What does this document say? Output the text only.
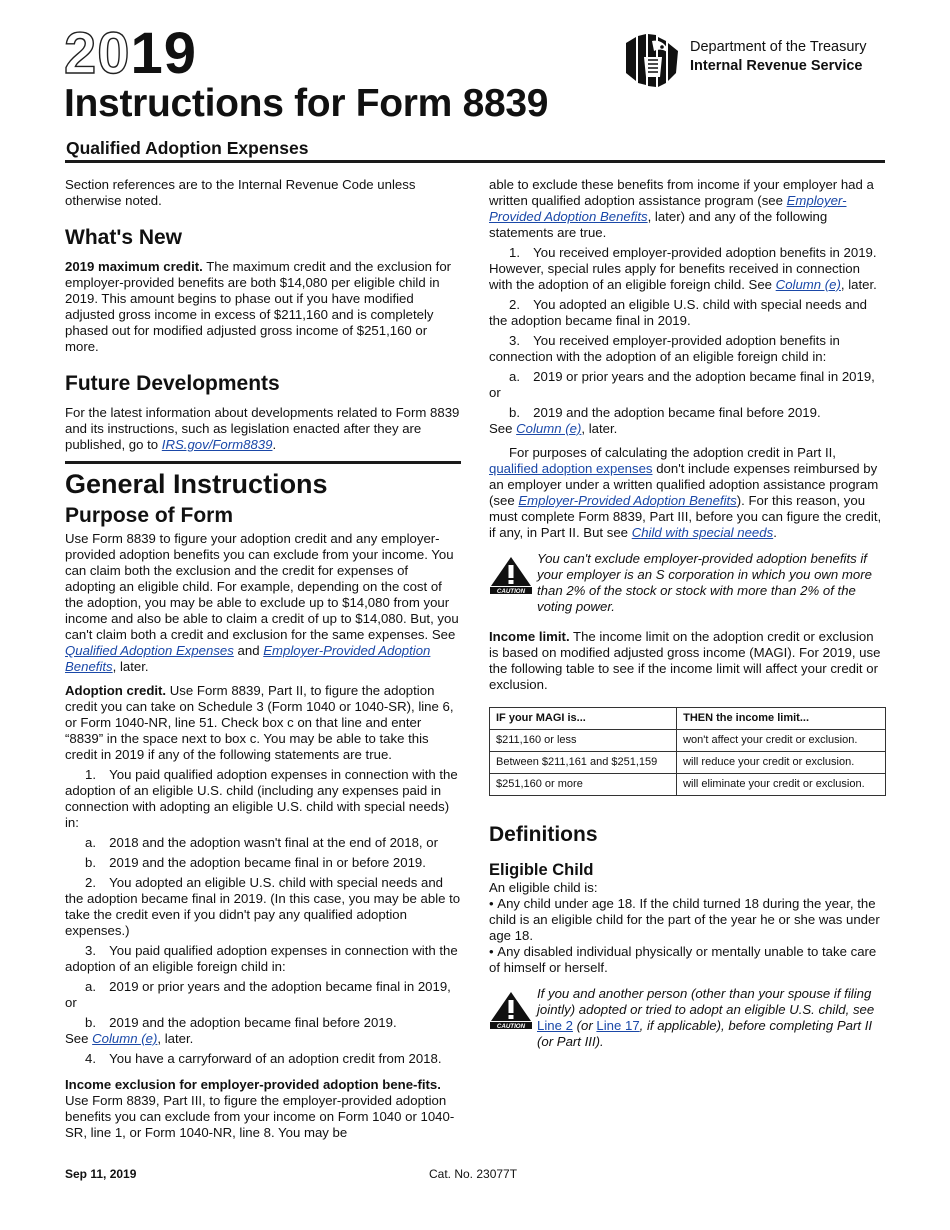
2019
Instructions for Form 8839
Qualified Adoption Expenses
Department of the Treasury
Internal Revenue Service

Section references are to the Internal Revenue Code unless otherwise noted.

What's New

2019 maximum credit. The maximum credit and the exclusion for employer-provided benefits are both $14,080 per eligible child in 2019. This amount begins to phase out if you have modified adjusted gross income in excess of $211,160 and is completely phased out for modified adjusted gross income of $251,160 or more.

Future Developments

For the latest information about developments related to Form 8839 and its instructions, such as legislation enacted after they are published, go to IRS.gov/Form8839.

General Instructions
Purpose of Form

Use Form 8839 to figure your adoption credit and any employer-provided adoption benefits you can exclude from your income. You can claim both the exclusion and the credit for expenses of adopting an eligible child. For example, depending on the cost of the adoption, you may be able to exclude up to $14,080 from your income and also be able to claim a credit of up to $14,080. But, you can't claim both a credit and exclusion for the same expenses. See Qualified Adoption Expenses and Employer-Provided Adoption Benefits, later.

Adoption credit. Use Form 8839, Part II, to figure the adoption credit you can take on Schedule 3 (Form 1040 or 1040-SR), line 6, or Form 1040-NR, line 51. Check box c on that line and enter “8839” in the space next to box c. You may be able to take this credit in 2019 if any of the following statements are true.

1. You paid qualified adoption expenses in connection with the adoption of an eligible U.S. child (including any expenses paid in connection with adopting an eligible U.S. child with special needs) in:

a. 2018 and the adoption wasn't final at the end of 2018, or

b. 2019 and the adoption became final in or before 2019.

2. You adopted an eligible U.S. child with special needs and the adoption became final in 2019. (In this case, you may be able to take the credit even if you didn't pay any qualified adoption expenses.)

3. You paid qualified adoption expenses in connection with the adoption of an eligible foreign child in:

a. 2019 or prior years and the adoption became final in 2019, or

b. 2019 and the adoption became final before 2019.

See Column (e), later.

4. You have a carryforward of an adoption credit from 2018.

Income exclusion for employer-provided adoption bene-fits. Use Form 8839, Part III, to figure the employer-provided adoption benefits you can exclude from your income on Form 1040 or 1040-SR, line 1, or Form 1040-NR, line 8. You may be

able to exclude these benefits from income if your employer had a written qualified adoption assistance program (see Employer-Provided Adoption Benefits, later) and any of the following statements are true.

1. You received employer-provided adoption benefits in 2019. However, special rules apply for benefits received in connection with the adoption of an eligible foreign child. See Column (e), later.

2. You adopted an eligible U.S. child with special needs and the adoption became final in 2019.

3. You received employer-provided adoption benefits in connection with the adoption of an eligible foreign child in:

a. 2019 or prior years and the adoption became final in 2019, or

b. 2019 and the adoption became final before 2019.

See Column (e), later.

For purposes of calculating the adoption credit in Part II, qualified adoption expenses don't include expenses reimbursed by an employer under a written qualified adoption assistance program (see Employer-Provided Adoption Benefits). For this reason, you must complete Form 8839, Part III, before you can figure the credit, if any, in Part II. But see Child with special needs.

CAUTION
You can't exclude employer-provided adoption benefits if your employer is an S corporation in which you own more than 2% of the stock or stock with more than 2% of the voting power.

Income limit. The income limit on the adoption credit or exclusion is based on modified adjusted gross income (MAGI). For 2019, use the following table to see if the income limit will affect your credit or exclusion.

IF your MAGI is...	THEN the income limit...
$211,160 or less	won't affect your credit or exclusion.
Between $211,161 and $251,159	will reduce your credit or exclusion.
$251,160 or more	will eliminate your credit or exclusion.
Definitions
Eligible Child

An eligible child is:

• Any child under age 18. If the child turned 18 during the year, the child is an eligible child for the part of the year he or she was under age 18.

• Any disabled individual physically or mentally unable to take care of himself or herself.

CAUTION
If you and another person (other than your spouse if filing jointly) adopted or tried to adopt an eligible U.S. child, see Line 2 (or Line 17, if applicable), before completing Part II (or Part III).
Sep 11, 2019	Cat. No. 23077T
